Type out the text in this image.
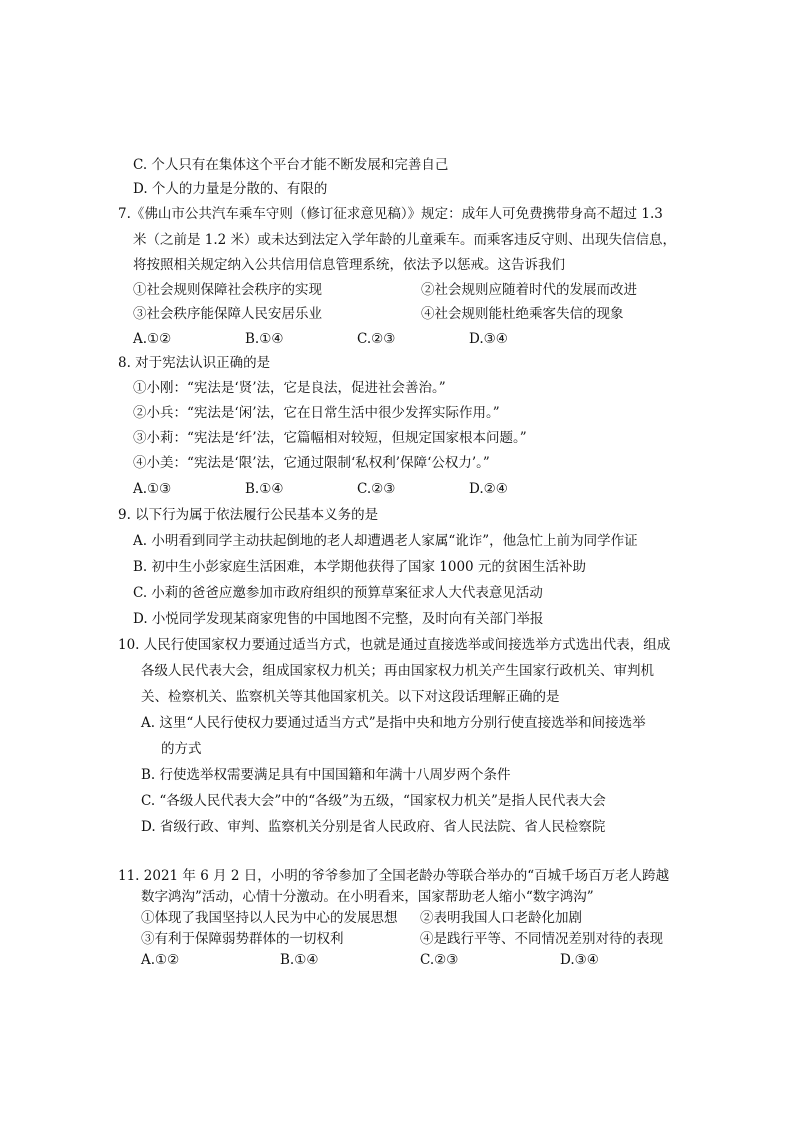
C. 个人只有在集体这个平台才能不断发展和完善自己
D. 个人的力量是分散的、有限的
7.《佛山市公共汽车乘车守则（修订征求意见稿）》规定：成年人可免费携带身高不超过 1.3
米（之前是 1.2 米）或未达到法定入学年龄的儿童乘车。而乘客违反守则、出现失信信息，
将按照相关规定纳入公共信用信息管理系统，依法予以惩戒。这告诉我们
①社会规则保障社会秩序的实现	②社会规则应随着时代的发展而改进
③社会秩序能保障人民安居乐业	④社会规则能杜绝乘客失信的现象
A.①②	B.①④	C.②③	D.③④
8. 对于宪法认识正确的是
①小刚：“宪法是‘贤’法，它是良法，促进社会善治。”
②小兵：“宪法是‘闲’法，它在日常生活中很少发挥实际作用。”
③小莉：“宪法是‘纤’法，它篇幅相对较短，但规定国家根本问题。”
④小美：“宪法是‘限’法，它通过限制‘私权利’保障‘公权力’。”
A.①③	B.①④	C.②③	D.②④
9. 以下行为属于依法履行公民基本义务的是
A. 小明看到同学主动扶起倒地的老人却遭遇老人家属“讹诈”，他急忙上前为同学作证
B. 初中生小彭家庭生活困难，本学期他获得了国家 1000 元的贫困生活补助
C. 小莉的爸爸应邀参加市政府组织的预算草案征求人大代表意见活动
D. 小悦同学发现某商家兜售的中国地图不完整，及时向有关部门举报
10. 人民行使国家权力要通过适当方式，也就是通过直接选举或间接选举方式选出代表，组成
各级人民代表大会，组成国家权力机关；再由国家权力机关产生国家行政机关、审判机
关、检察机关、监察机关等其他国家机关。以下对这段话理解正确的是
A. 这里“人民行使权力要通过适当方式”是指中央和地方分别行使直接选举和间接选举
的方式
B. 行使选举权需要满足具有中国国籍和年满十八周岁两个条件
C. “各级人民代表大会”中的“各级”为五级，“国家权力机关”是指人民代表大会
D. 省级行政、审判、监察机关分别是省人民政府、省人民法院、省人民检察院
11. 2021 年 6 月 2 日，小明的爷爷参加了全国老龄办等联合举办的“百城千场百万老人跨越
数字鸿沟”活动，心情十分激动。在小明看来，国家帮助老人缩小“数字鸿沟”
①体现了我国坚持以人民为中心的发展思想 ②表明我国人口老龄化加剧
③有利于保障弱势群体的一切权利	④是践行平等、不同情况差别对待的表现
A.①②	B.①④	C.②③	D.③④
